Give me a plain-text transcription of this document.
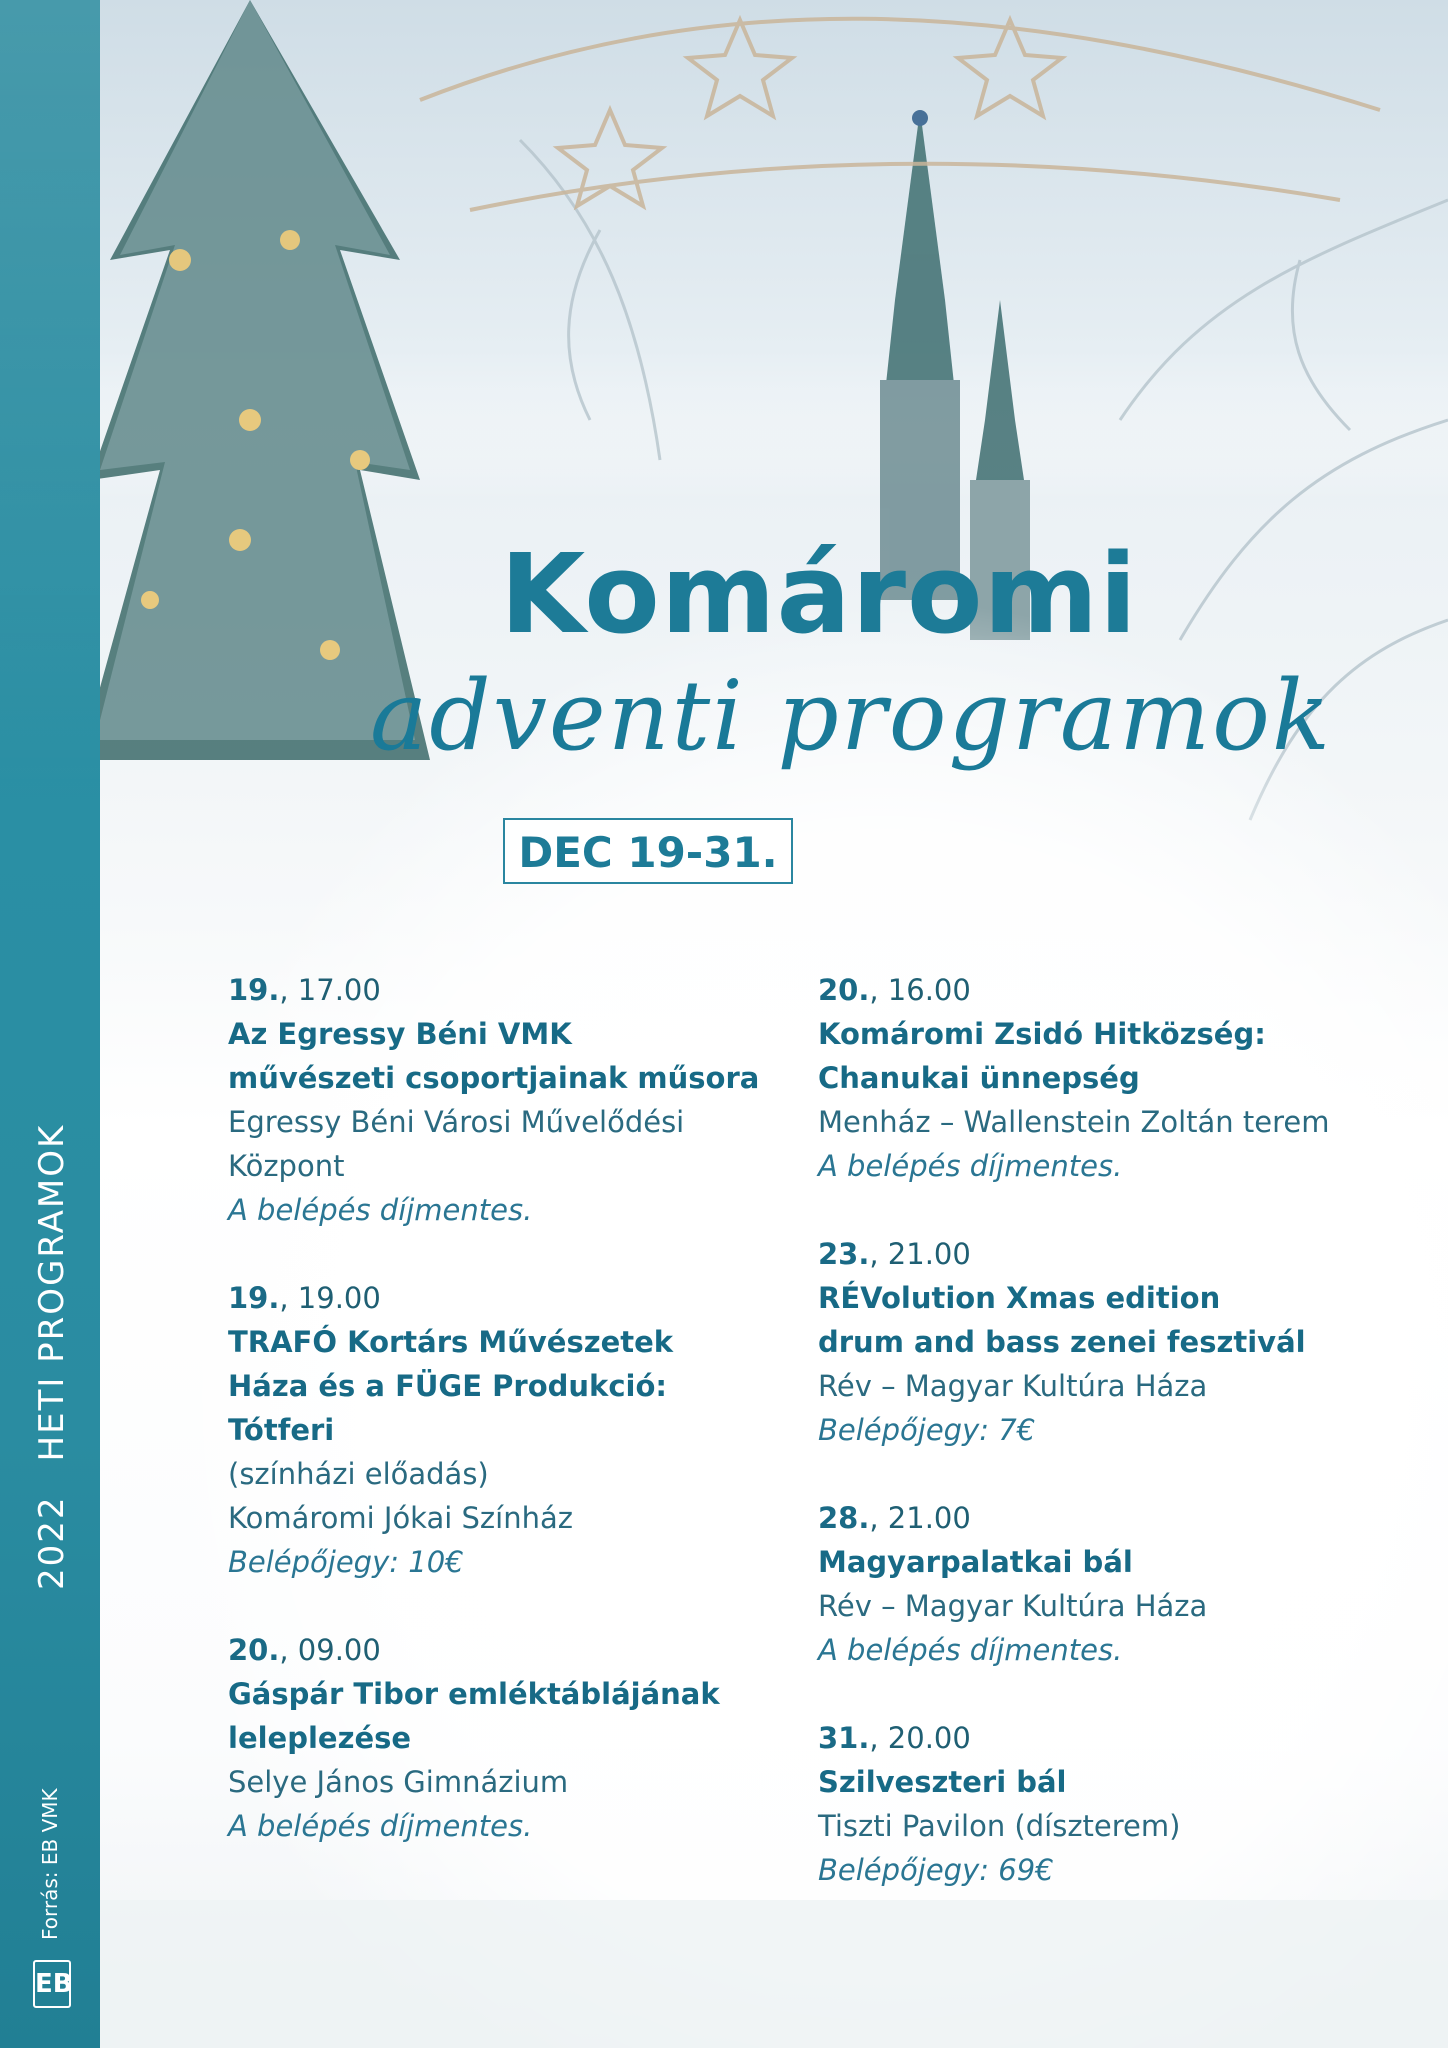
2022HETI PROGRAMOK
Forrás: EB VMK
EB
Komáromi
adventi programok
DEC 19-31.
19., 17.00
Az Egressy Béni VMK
művészeti csoportjainak műsora
Egressy Béni Városi Művelődési
Központ
A belépés díjmentes.
19., 19.00
TRAFÓ Kortárs Művészetek
Háza és a FÜGE Produkció:
Tótferi
(színházi előadás)
Komáromi Jókai Színház
Belépőjegy: 10€
20., 09.00
Gáspár Tibor emléktáblájának
leleplezése
Selye János Gimnázium
A belépés díjmentes.
20., 16.00
Komáromi Zsidó Hitközség:
Chanukai ünnepség
Menház – Wallenstein Zoltán terem
A belépés díjmentes.
23., 21.00
RÉVolution Xmas edition
drum and bass zenei fesztivál
Rév – Magyar Kultúra Háza
Belépőjegy: 7€
28., 21.00
Magyarpalatkai bál
Rév – Magyar Kultúra Háza
A belépés díjmentes.
31., 20.00
Szilveszteri bál
Tiszti Pavilon (díszterem)
Belépőjegy: 69€
